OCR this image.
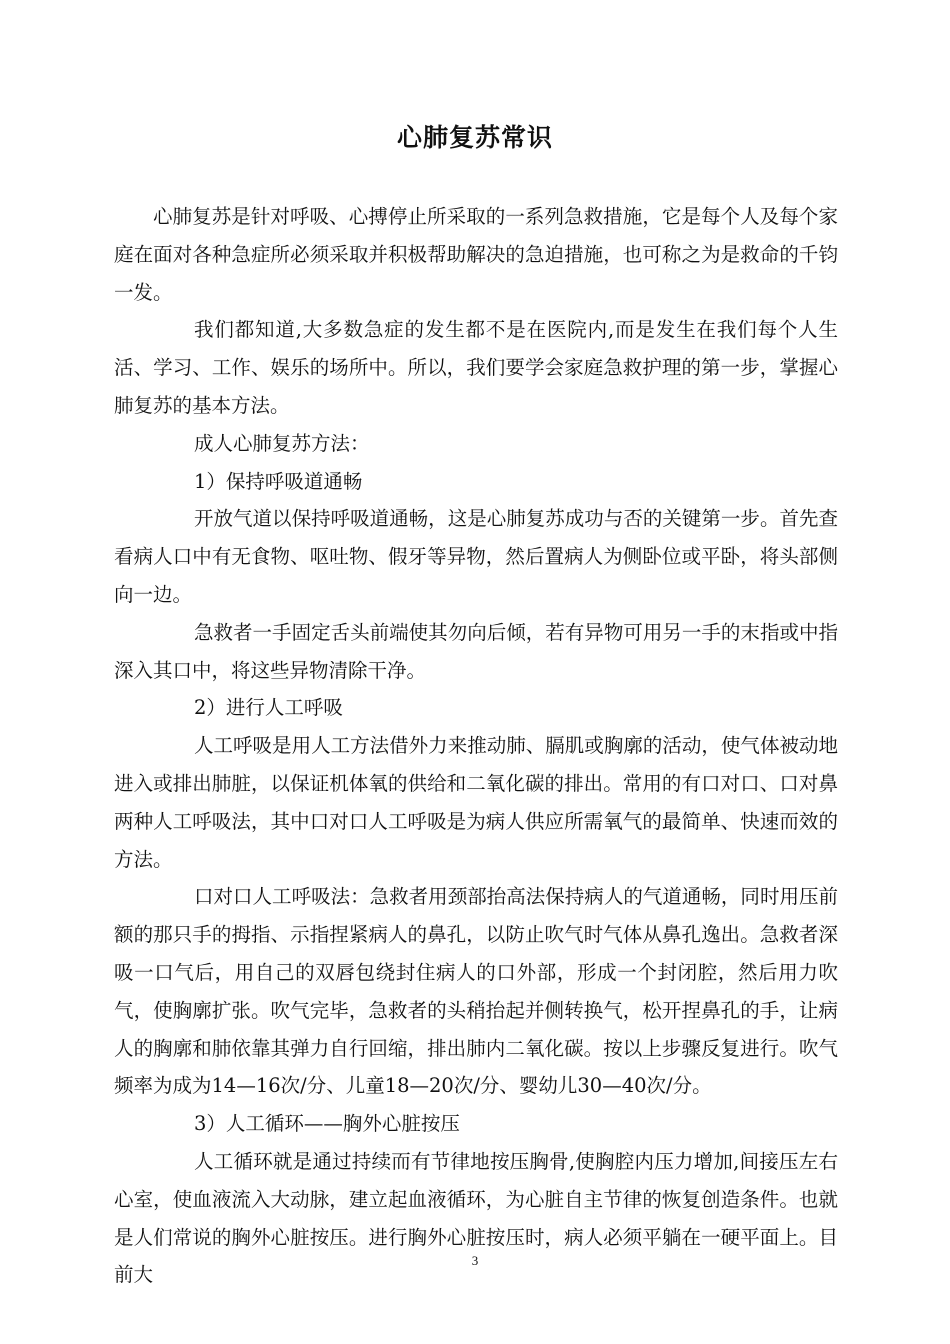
心肺复苏常识

心肺复苏是针对呼吸、心搏停止所采取的一系列急救措施，它是每个人及每个家庭在面对各种急症所必须采取并积极帮助解决的急迫措施，也可称之为是救命的千钧一发。

我们都知道,大多数急症的发生都不是在医院内,而是发生在我们每个人生活、学习、工作、娱乐的场所中。所以，我们要学会家庭急救护理的第一步，掌握心肺复苏的基本方法。

成人心肺复苏方法：

1）保持呼吸道通畅

开放气道以保持呼吸道通畅，这是心肺复苏成功与否的关键第一步。首先查看病人口中有无食物、呕吐物、假牙等异物，然后置病人为侧卧位或平卧，将头部侧向一边。

急救者一手固定舌头前端使其勿向后倾，若有异物可用另一手的末指或中指深入其口中，将这些异物清除干净。

2）进行人工呼吸

人工呼吸是用人工方法借外力来推动肺、膈肌或胸廓的活动，使气体被动地进入或排出肺脏，以保证机体氧的供给和二氧化碳的排出。常用的有口对口、口对鼻两种人工呼吸法，其中口对口人工呼吸是为病人供应所需氧气的最简单、快速而效的方法。

口对口人工呼吸法：急救者用颈部抬高法保持病人的气道通畅，同时用压前额的那只手的拇指、示指捏紧病人的鼻孔，以防止吹气时气体从鼻孔逸出。急救者深吸一口气后，用自己的双唇包绕封住病人的口外部，形成一个封闭腔，然后用力吹气，使胸廓扩张。吹气完毕，急救者的头稍抬起并侧转换气，松开捏鼻孔的手，让病人的胸廓和肺依靠其弹力自行回缩，排出肺内二氧化碳。按以上步骤反复进行。吹气频率为成为14—16次/分、儿童18—20次/分、婴幼儿30—40次/分。

3）人工循环——胸外心脏按压

人工循环就是通过持续而有节律地按压胸骨,使胸腔内压力增加,间接压左右心室，使血液流入大动脉，建立起血液循环，为心脏自主节律的恢复创造条件。也就是人们常说的胸外心脏按压。进行胸外心脏按压时，病人必须平躺在一硬平面上。目前大

3
